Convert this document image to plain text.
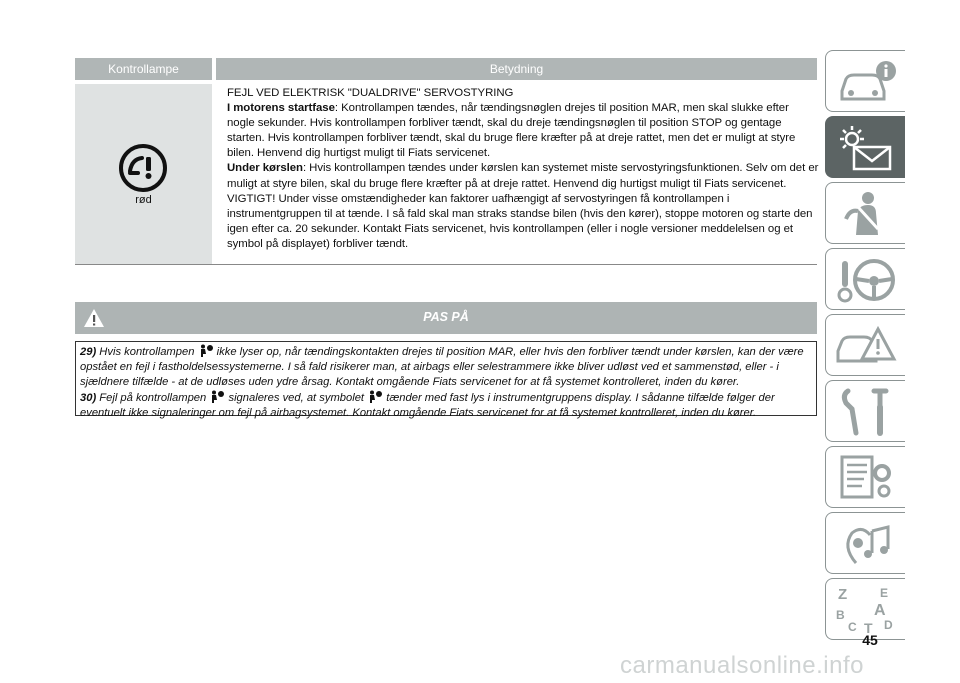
Kontrollampe	Betydning
rød

FEJL VED ELEKTRISK "DUALDRIVE" SERVOSTYRING

I motorens startfase: Kontrollampen tændes, når tændingsnøglen drejes til position MAR, men skal slukke efter nogle sekunder. Hvis kontrollampen forbliver tændt, skal du dreje tændingsnøglen til position STOP og gentage starten. Hvis kontrollampen forbliver tændt, skal du bruge flere kræfter på at dreje rattet, men det er muligt at styre bilen. Henvend dig hurtigst muligt til Fiats servicenet.

Under kørslen: Hvis kontrollampen tændes under kørslen kan systemet miste servostyringsfunktionen. Selv om det er muligt at styre bilen, skal du bruge flere kræfter på at dreje rattet. Henvend dig hurtigst muligt til Fiats servicenet.

VIGTIGT! Under visse omstændigheder kan faktorer uafhængigt af servostyringen få kontrollampen i instrumentgruppen til at tænde. I så fald skal man straks standse bilen (hvis den kører), stoppe motoren og starte den igen efter ca. 20 sekunder. Kontakt Fiats servicenet, hvis kontrollampen (eller i nogle versioner meddelelsen og et symbol på displayet) forbliver tændt.

PAS PÅ

29) Hvis kontrollampen ikke lyser op, når tændingskontakten drejes til position MAR, eller hvis den forbliver tændt under kørslen, kan der være opstået en fejl i fastholdelsessystemerne. I så fald risikerer man, at airbags eller selestrammere ikke bliver udløst ved et sammenstød, eller - i sjældnere tilfælde - at de udløses uden ydre årsag. Kontakt omgående Fiats servicenet for at få systemet kontrolleret, inden du kører.

30) Fejl på kontrollampen signaleres ved, at symbolet tænder med fast lys i instrumentgruppens display. I sådanne tilfælde følger der eventuelt ikke signaleringer om fejl på airbagsystemet. Kontakt omgående Fiats servicenet for at få systemet kontrolleret, inden du kører.

Z	E
A
B
C T D
45
carmanualsonline.info
